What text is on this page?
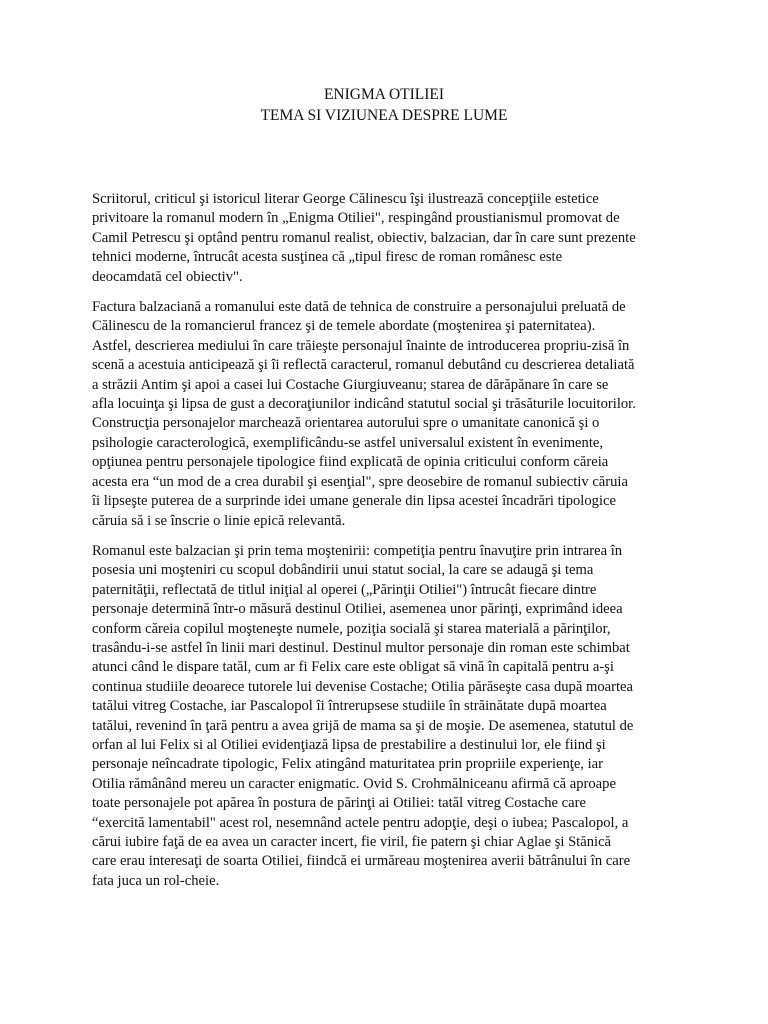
ENIGMA OTILIEI
TEMA SI VIZIUNEA DESPRE LUME

Scriitorul, criticul şi istoricul literar George Călinescu îşi ilustrează concepţiile estetice
privitoare la romanul modern în „Enigma Otiliei", respingând proustianismul promovat de
Camil Petrescu şi optând pentru romanul realist, obiectiv, balzacian, dar în care sunt prezente
tehnici moderne, întrucât acesta susţinea că „tipul firesc de roman românesc este
deocamdată cel obiectiv".

Factura balzaciană a romanului este dată de tehnica de construire a personajului preluată de
Călinescu de la romancierul francez şi de temele abordate (moştenirea şi paternitatea).
Astfel, descrierea mediului în care trăieşte personajul înainte de introducerea propriu-zisă în
scenă a acestuia anticipează şi îi reflectă caracterul, romanul debutând cu descrierea detaliată
a străzii Antim şi apoi a casei lui Costache Giurgiuveanu; starea de dărăpănare în care se
afla locuinţa şi lipsa de gust a decoraţiunilor indicând statutul social şi trăsăturile locuitorilor.
Construcţia personajelor marchează orientarea autorului spre o umanitate canonică şi o
psihologie caracterologică, exemplificându-se astfel universalul existent în evenimente,
opţiunea pentru personajele tipologice fiind explicată de opinia criticului conform căreia
acesta era “un mod de a crea durabil şi esenţial", spre deosebire de romanul subiectiv căruia
îi lipseşte puterea de a surprinde idei umane generale din lipsa acestei încadrări tipologice
căruia să i se înscrie o linie epică relevantă.

Romanul este balzacian şi prin tema moştenirii: competiţia pentru înavuţire prin intrarea în
posesia uni moşteniri cu scopul dobândirii unui statut social, la care se adaugă şi tema
paternităţii, reflectată de titlul iniţial al operei („Părinţii Otiliei") întrucât fiecare dintre
personaje determină într-o măsură destinul Otiliei, asemenea unor părinţi, exprimând ideea
conform căreia copilul moşteneşte numele, poziţia socială şi starea materială a părinţilor,
trasându-i-se astfel în linii mari destinul. Destinul multor personaje din roman este schimbat
atunci când le dispare tatăl, cum ar fi Felix care este obligat să vină în capitală pentru a-şi
continua studiile deoarece tutorele lui devenise Costache; Otilia părăseşte casa după moartea
tatălui vitreg Costache, iar Pascalopol îi întrerupsese studiile în străinătate după moartea
tatălui, revenind în ţară pentru a avea grijă de mama sa şi de moşie. De asemenea, statutul de
orfan al lui Felix si al Otiliei evidenţiază lipsa de prestabilire a destinului lor, ele fiind şi
personaje neîncadrate tipologic, Felix atingând maturitatea prin propriile experienţe, iar
Otilia rămânând mereu un caracter enigmatic. Ovid S. Crohmălniceanu afirmă că aproape
toate personajele pot apărea în postura de părinţi ai Otiliei: tatăl vitreg Costache care
“exercită lamentabil" acest rol, nesemnând actele pentru adopţie, deşi o iubea; Pascalopol, a
cărui iubire faţă de ea avea un caracter incert, fie viril, fie patern şi chiar Aglae şi Stănică
care erau interesaţi de soarta Otiliei, fiindcă ei urmăreau moştenirea averii bătrânului în care
fata juca un rol-cheie.
